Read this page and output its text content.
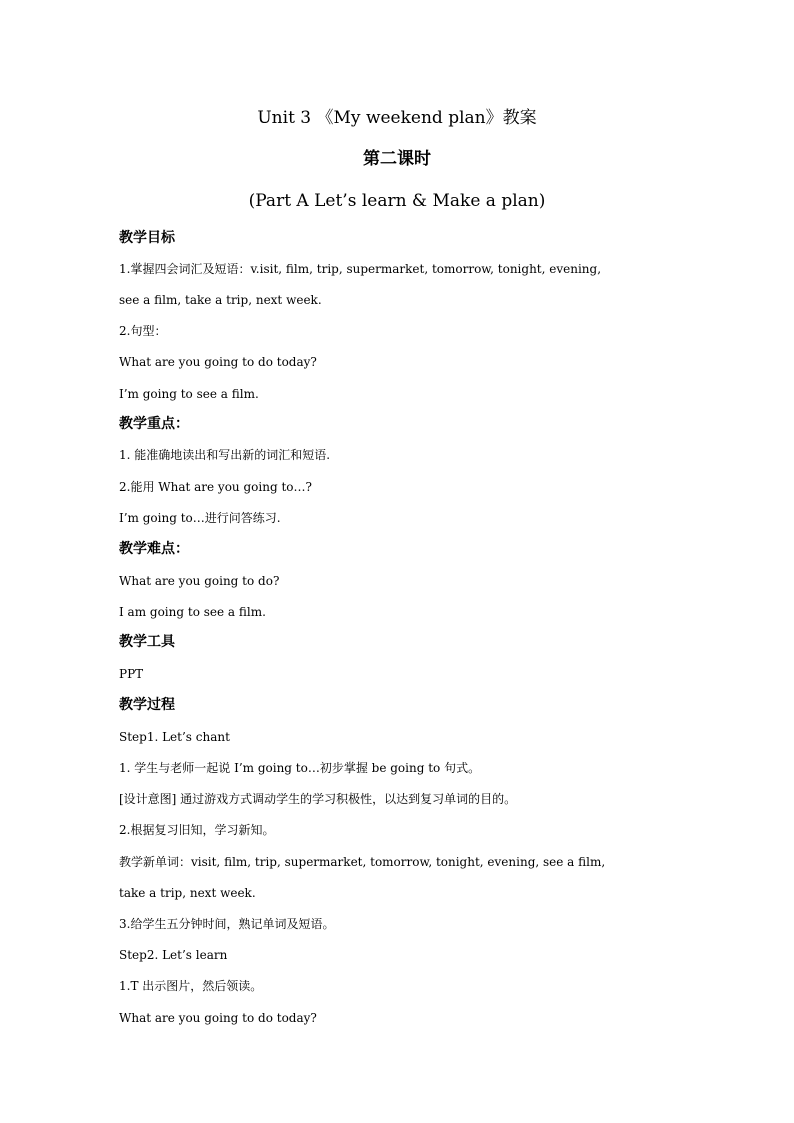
Unit 3 《My weekend plan》教案
第二课时
(Part A Let’s learn & Make a plan)
教学目标
1.掌握四会词汇及短语：v.isit, film, trip, supermarket, tomorrow, tonight, evening,
see a film, take a trip, next week.
2.句型：
What are you going to do today?
I’m going to see a film.
教学重点：
1. 能准确地读出和写出新的词汇和短语.
2.能用 What are you going to…?
I’m going to…进行问答练习.
教学难点：
What are you going to do?
I am going to see a film.
教学工具
PPT
教学过程
Step1. Let’s chant
1. 学生与老师一起说 I’m going to…初步掌握 be going to 句式。
[设计意图] 通过游戏方式调动学生的学习积极性，以达到复习单词的目的。
2.根据复习旧知，学习新知。
教学新单词：visit, film, trip, supermarket, tomorrow, tonight, evening, see a film,
take a trip, next week.
3.给学生五分钟时间，熟记单词及短语。
Step2. Let’s learn
1.T 出示图片，然后领读。
What are you going to do today?
